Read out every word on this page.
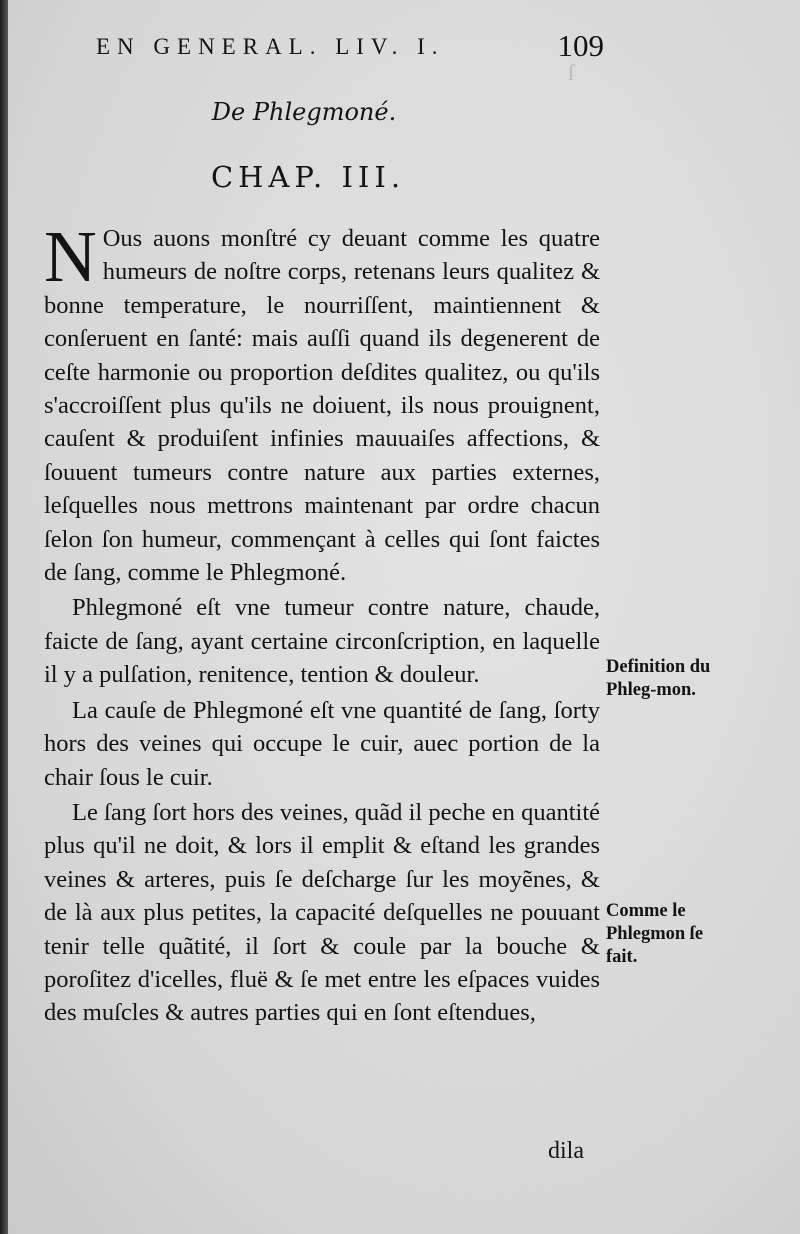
ſ
EN GENERAL. LIV. I.	109
De Phlegmoné.
CHAP. III.

N Ous auons monſtré cy deuant comme les quatre humeurs de noſtre corps, retenans leurs qualitez & bonne temperature, le nourriſſent, maintiennent & conſeruent en ſanté: mais auſſi quand ils degenerent de ceſte harmonie ou proportion deſdites qualitez, ou qu'ils s'accroiſſent plus qu'ils ne doiuent, ils nous prouignent, cauſent & produiſent infinies mauuaiſes affections, & ſouuent tumeurs contre nature aux parties externes, leſquelles nous mettrons maintenant par ordre chacun ſelon ſon humeur, commençant à celles qui ſont faictes de ſang, comme le Phlegmoné.

Phlegmoné eſt vne tumeur contre nature, chaude, faicte de ſang, ayant certaine circonſcription, en laquelle il y a pulſation, renitence, tention & douleur.

La cauſe de Phlegmoné eſt vne quantité de ſang, ſorty hors des veines qui occupe le cuir, auec portion de la chair ſous le cuir.

Le ſang ſort hors des veines, quãd il peche en quantité plus qu'il ne doit, & lors il emplit & eſtand les grandes veines & arteres, puis ſe deſcharge ſur les moyẽnes, & de là aux plus petites, la capacité deſquelles ne pouuant tenir telle quãtité, il ſort & coule par la bouche & poroſitez d'icelles, fluë & ſe met entre les eſpaces vuides des muſcles & autres parties qui en ſont eſtendues,

dila
Definition du Phleg-mon.
Comme le Phlegmon ſe fait.
